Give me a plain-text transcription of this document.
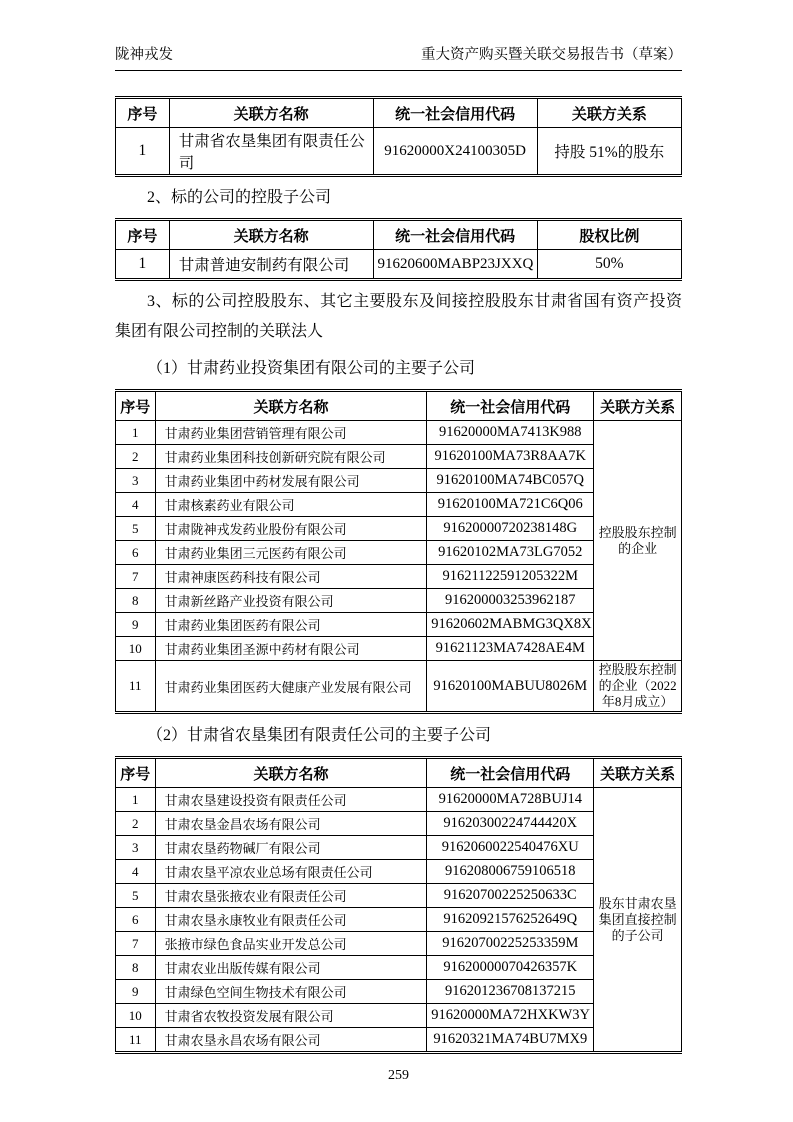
陇神戎发	重大资产购买暨关联交易报告书（草案）
序号	关联方名称	统一社会信用代码	关联方关系
1	甘肃省农垦集团有限责任公司	91620000X24100305D	持股 51%的股东
2、标的公司的控股子公司
序号	关联方名称	统一社会信用代码	股权比例
1	甘肃普迪安制药有限公司	91620600MABP23JXXQ	50%
3、标的公司控股股东、其它主要股东及间接控股股东甘肃省国有资产投资集团有限公司控制的关联法人
（1）甘肃药业投资集团有限公司的主要子公司
序号	关联方名称	统一社会信用代码	关联方关系
1	甘肃药业集团营销管理有限公司	91620000MA7413K988	控股股东控制的企业
2	甘肃药业集团科技创新研究院有限公司	91620100MA73R8AA7K	
3	甘肃药业集团中药材发展有限公司	91620100MA74BC057Q	
4	甘肃核素药业有限公司	91620100MA721C6Q06	
5	甘肃陇神戎发药业股份有限公司	91620000720238148G	
6	甘肃药业集团三元医药有限公司	91620102MA73LG7052	
7	甘肃神康医药科技有限公司	91621122591205322M	
8	甘肃新丝路产业投资有限公司	916200003253962187	
9	甘肃药业集团医药有限公司	91620602MABMG3QX8X	
10	甘肃药业集团圣源中药材有限公司	91621123MA7428AE4M	
11	甘肃药业集团医药大健康产业发展有限公司	91620100MABUU8026M	控股股东控制的企业（2022年8月成立）
（2）甘肃省农垦集团有限责任公司的主要子公司
序号	关联方名称	统一社会信用代码	关联方关系
1	甘肃农垦建设投资有限责任公司	91620000MA728BUJ14	股东甘肃农垦集团直接控制的子公司
2	甘肃农垦金昌农场有限公司	91620300224744420X	
3	甘肃农垦药物碱厂有限公司	9162060022540476XU	
4	甘肃农垦平凉农业总场有限责任公司	916208006759106518	
5	甘肃农垦张掖农业有限责任公司	91620700225250633C	
6	甘肃农垦永康牧业有限责任公司	91620921576252649Q	
7	张掖市绿色食品实业开发总公司	91620700225253359M	
8	甘肃农业出版传媒有限公司	91620000070426357K	
9	甘肃绿色空间生物技术有限公司	916201236708137215	
10	甘肃省农牧投资发展有限公司	91620000MA72HXKW3Y	
11	甘肃农垦永昌农场有限公司	91620321MA74BU7MX9	
259
